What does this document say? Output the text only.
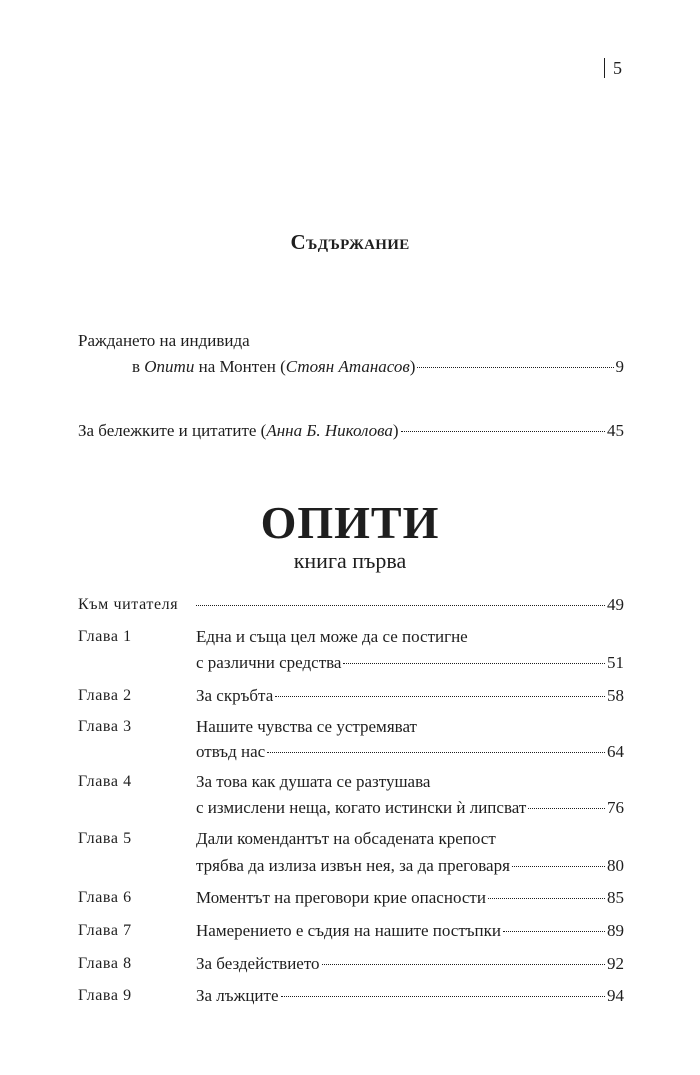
5
Съдържание
Раждането на индивида
в Опити на Монтен (Стоян Атанасов)	9
За бележките и цитатите (Анна Б. Николова)	45
ОПИТИ
книга първа
Към читателя	49
Глава 1	Една и съща цел може да се постигне
с различни средства	51
Глава 2	За скръбта	58
Глава 3	Нашите чувства се устремяват
отвъд нас	64
Глава 4	За това как душата се разтушава
с измислени неща, когато истински ѝ липсват	76
Глава 5	Дали комендантът на обсадената крепост
трябва да излиза извън нея, за да преговаря	80
Глава 6	Моментът на преговори крие опасности	85
Глава 7	Намерението е съдия на нашите постъпки	89
Глава 8	За бездействието	92
Глава 9	За лъжците	94
